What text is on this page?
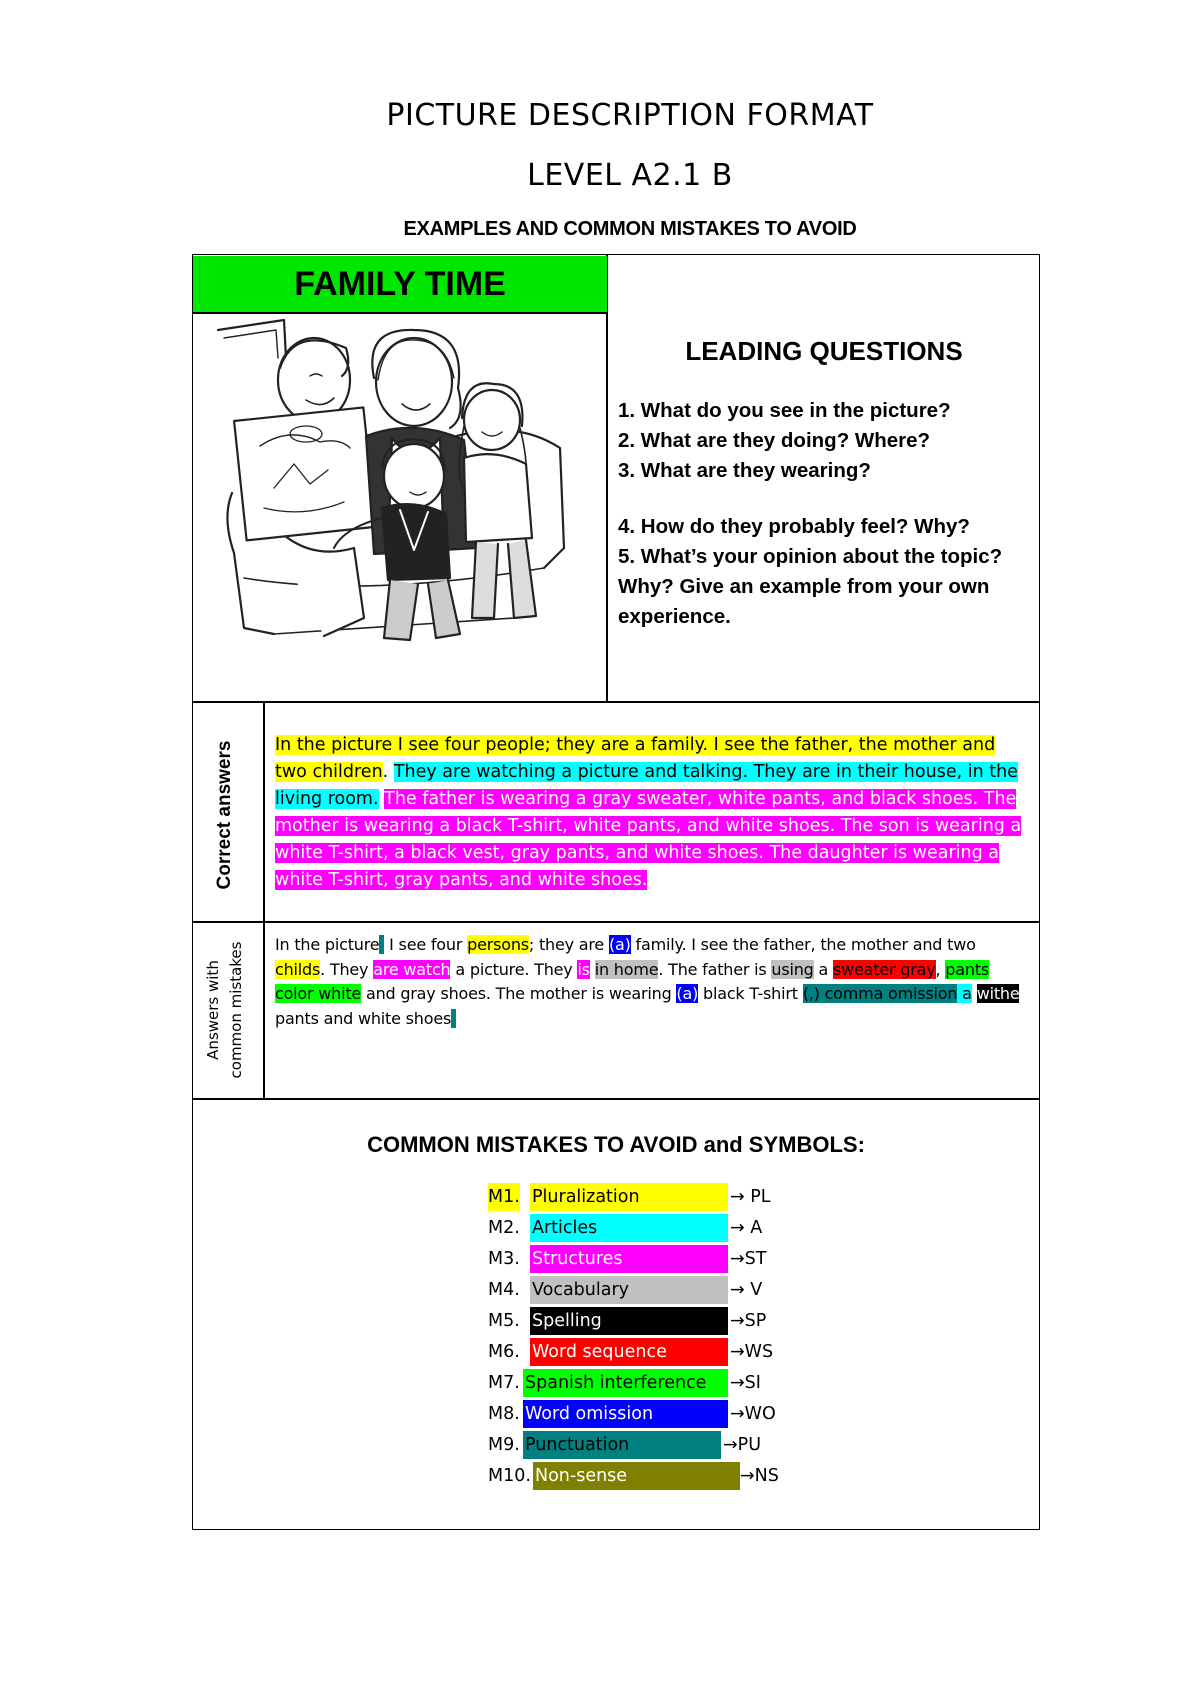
PICTURE DESCRIPTION FORMAT
LEVEL A2.1 B
EXAMPLES AND COMMON MISTAKES TO AVOID
FAMILY TIME
LEADING QUESTIONS
1. What do you see in the picture?
2. What are they doing? Where?
3. What are they wearing?
4. How do they probably feel? Why?
5. What’s your opinion about the topic?
Why? Give an example from your own
experience.
Correct answers
Answers with common mistakes
In the picture I see four people; they are a family. I see the father, the mother and two children. They are watching a picture and talking. They are in their house, in the living room. The father is wearing a gray sweater, white pants, and black shoes. The mother is wearing a black T-shirt, white pants, and white shoes. The son is wearing a white T-shirt, a black vest, gray pants, and white shoes. The daughter is wearing a white T-shirt, gray pants, and white shoes.
In the picture I see four persons; they are (a) family. I see the father, the mother and two childs. They are watch a picture. They is in home. The father is using a sweater gray, pants color white and gray shoes. The mother is wearing (a) black T-shirt (,) comma omission a withe pants and white shoes
COMMON MISTAKES TO AVOID and SYMBOLS:
M1. Pluralization	→ PL
M2. Articles	→ A
M3. Structures	→ST
M4. Vocabulary	→ V
M5. Spelling	→SP
M6. Word sequence	→WS
M7. Spanish interference	→SI
M8. Word omission	→WO
M9. Punctuation	→PU
M10. Non-sense	→NS
